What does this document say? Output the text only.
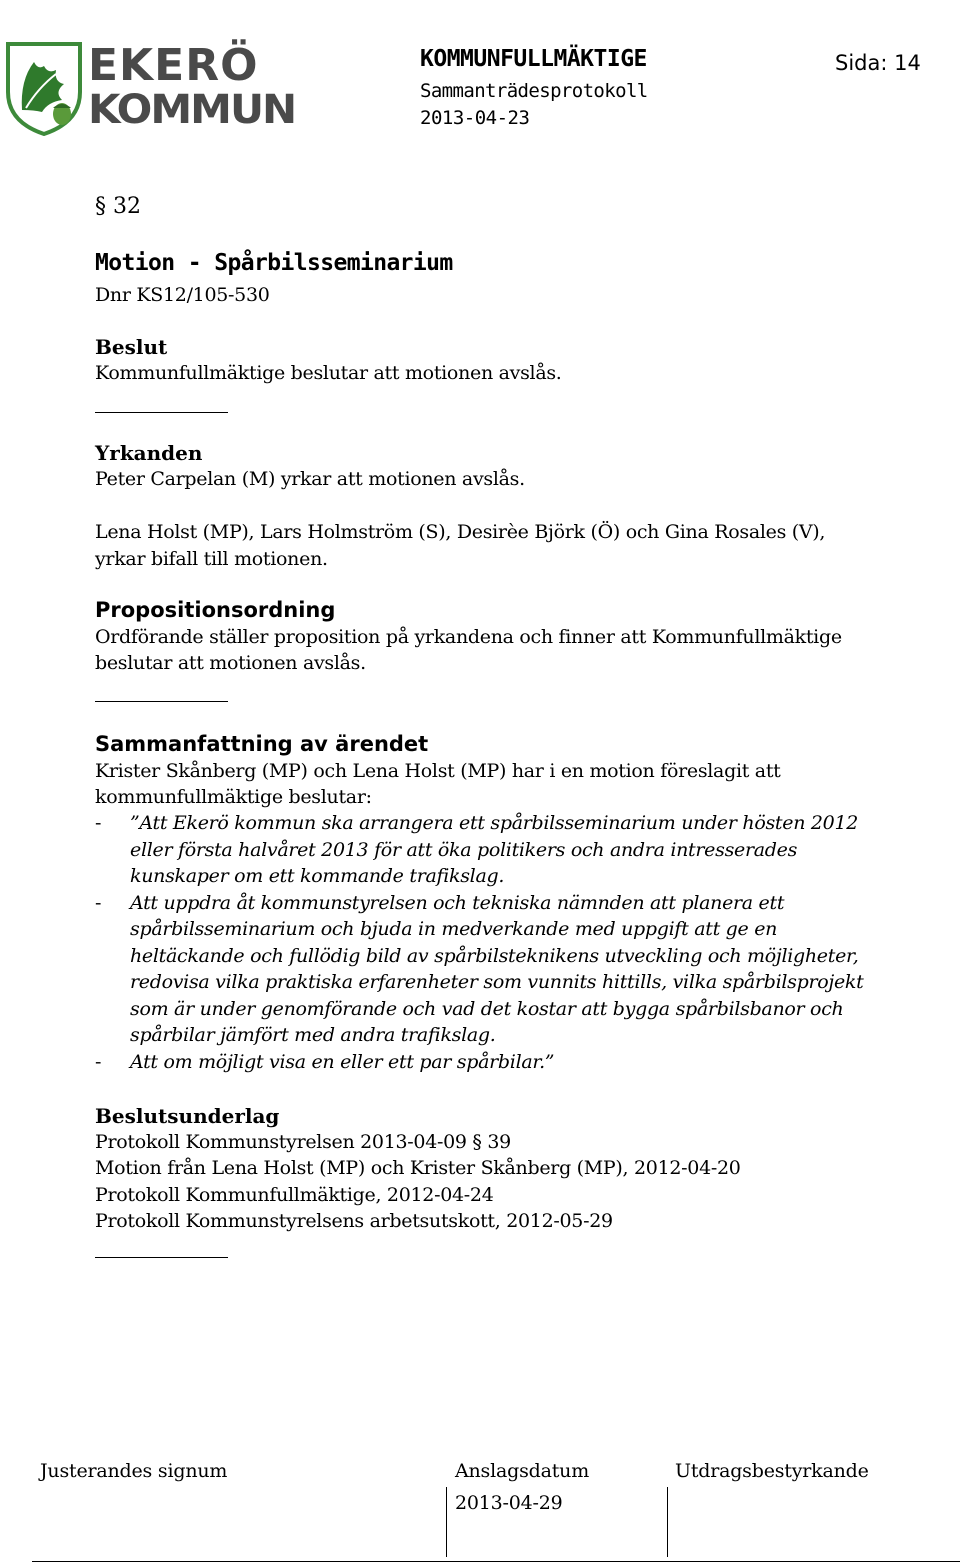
EKERÖ
KOMMUN
KOMMUNFULLMÄKTIGE
Sammanträdesprotokoll
2013-04-23
Sida: 14
§ 32
Motion - Spårbilsseminarium
Dnr KS12/105-530
Beslut
Kommunfullmäktige beslutar att motionen avslås.
Yrkanden
Peter Carpelan (M) yrkar att motionen avslås.
Lena Holst (MP), Lars Holmström (S), Desirèe Björk (Ö) och Gina Rosales (V),
yrkar bifall till motionen.
Propositionsordning
Ordförande ställer proposition på yrkandena och finner att Kommunfullmäktige
beslutar att motionen avslås.
Sammanfattning av ärendet
Krister Skånberg (MP) och Lena Holst (MP) har i en motion föreslagit att
kommunfullmäktige beslutar:
- ”Att Ekerö kommun ska arrangera ett spårbilsseminarium under hösten 2012
eller första halvåret 2013 för att öka politikers och andra intresserades
kunskaper om ett kommande trafikslag.
- Att uppdra åt kommunstyrelsen och tekniska nämnden att planera ett
spårbilsseminarium och bjuda in medverkande med uppgift att ge en
heltäckande och fullödig bild av spårbilsteknikens utveckling och möjligheter,
redovisa vilka praktiska erfarenheter som vunnits hittills, vilka spårbilsprojekt
som är under genomförande och vad det kostar att bygga spårbilsbanor och
spårbilar jämfört med andra trafikslag.
- Att om möjligt visa en eller ett par spårbilar.”
Beslutsunderlag
Protokoll Kommunstyrelsen 2013-04-09 § 39
Motion från Lena Holst (MP) och Krister Skånberg (MP), 2012-04-20
Protokoll Kommunfullmäktige, 2012-04-24
Protokoll Kommunstyrelsens arbetsutskott, 2012-05-29
Justerandes signum	Anslagsdatum
2013-04-29
Utdragsbestyrkande
